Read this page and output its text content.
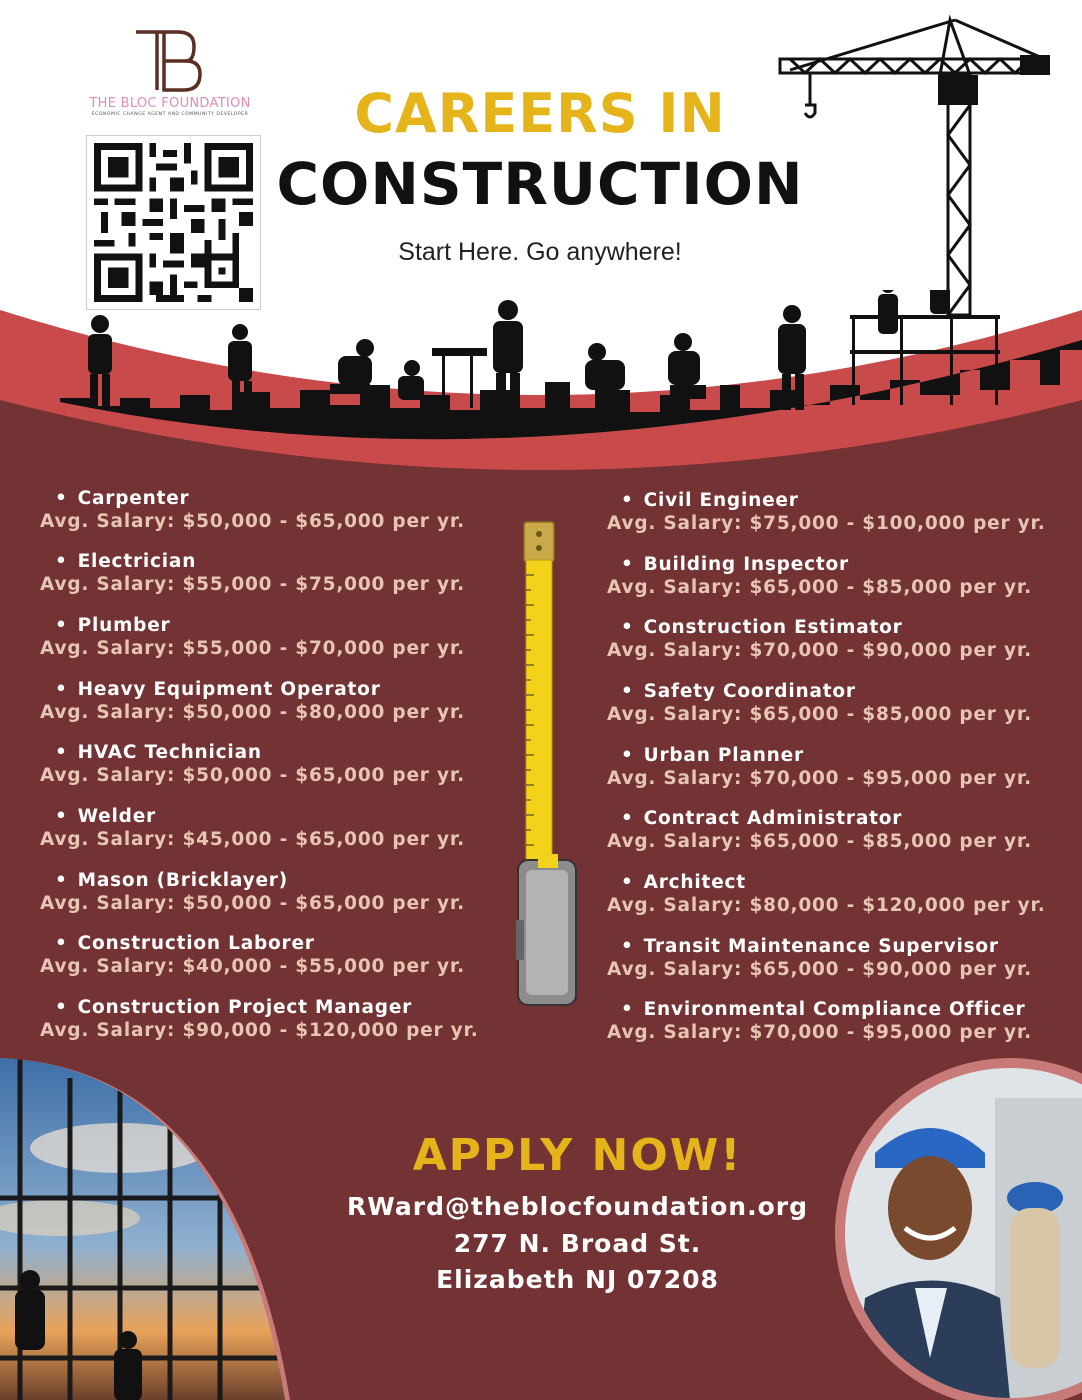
THE BLOC FOUNDATION
ECONOMIC CHANGE AGENT AND COMMUNITY DEVELOPER	CAREERS IN
CONSTRUCTION
Start Here. Go anywhere!
• Carpenter
Avg. Salary: $50,000 - $65,000 per yr.
• Electrician
Avg. Salary: $55,000 - $75,000 per yr.
• Plumber
Avg. Salary: $55,000 - $70,000 per yr.
• Heavy Equipment Operator
Avg. Salary: $50,000 - $80,000 per yr.
• HVAC Technician
Avg. Salary: $50,000 - $65,000 per yr.
• Welder
Avg. Salary: $45,000 - $65,000 per yr.
• Mason (Bricklayer)
Avg. Salary: $50,000 - $65,000 per yr.
• Construction Laborer
Avg. Salary: $40,000 - $55,000 per yr.
• Construction Project Manager
Avg. Salary: $90,000 - $120,000 per yr.
• Civil Engineer
Avg. Salary: $75,000 - $100,000 per yr.
• Building Inspector
Avg. Salary: $65,000 - $85,000 per yr.
• Construction Estimator
Avg. Salary: $70,000 - $90,000 per yr.
• Safety Coordinator
Avg. Salary: $65,000 - $85,000 per yr.
• Urban Planner
Avg. Salary: $70,000 - $95,000 per yr.
• Contract Administrator
Avg. Salary: $65,000 - $85,000 per yr.
• Architect
Avg. Salary: $80,000 - $120,000 per yr.
• Transit Maintenance Supervisor
Avg. Salary: $65,000 - $90,000 per yr.
• Environmental Compliance Officer
Avg. Salary: $70,000 - $95,000 per yr.
APPLY NOW!
RWard@theblocfoundation.org
277 N. Broad St.
Elizabeth NJ 07208
